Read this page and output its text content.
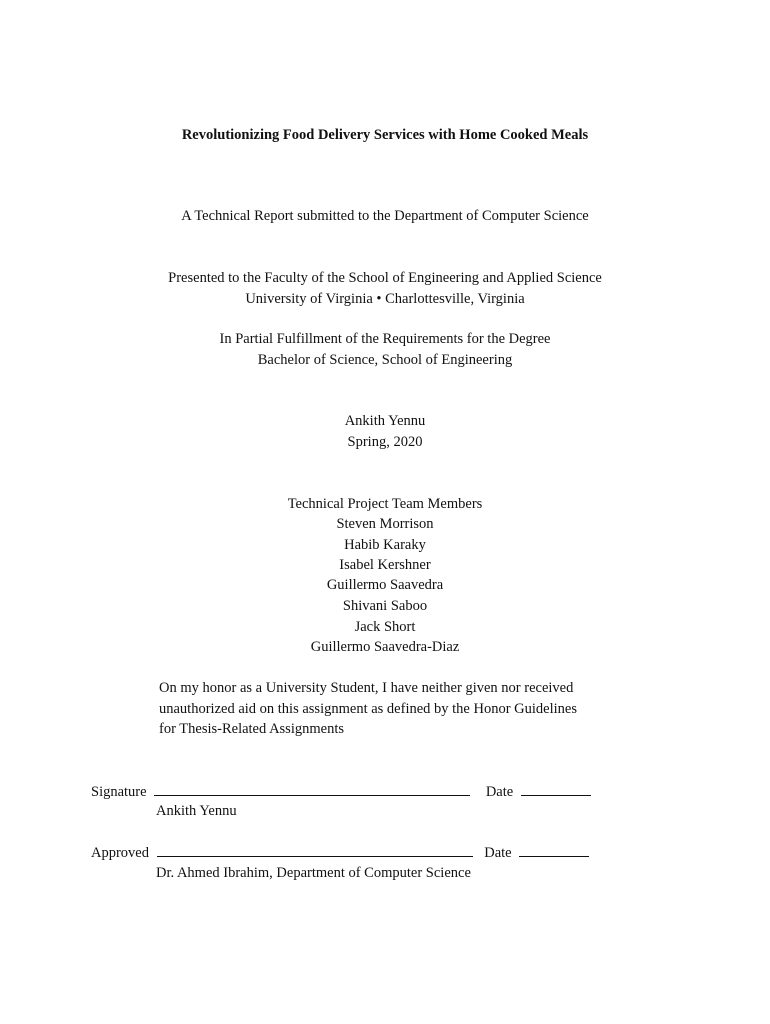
Revolutionizing Food Delivery Services with Home Cooked Meals
A Technical Report submitted to the Department of Computer Science
Presented to the Faculty of the School of Engineering and Applied Science
University of Virginia • Charlottesville, Virginia
In Partial Fulfillment of the Requirements for the Degree
Bachelor of Science, School of Engineering
Ankith Yennu
Spring, 2020
Technical Project Team Members
Steven Morrison
Habib Karaky
Isabel Kershner
Guillermo Saavedra
Shivani Saboo
Jack Short
Guillermo Saavedra-Diaz
On my honor as a University Student, I have neither given nor received
unauthorized aid on this assignment as defined by the Honor Guidelines
for Thesis-Related Assignments
Signature	Date
Ankith Yennu
Approved	Date
Dr. Ahmed Ibrahim, Department of Computer Science
